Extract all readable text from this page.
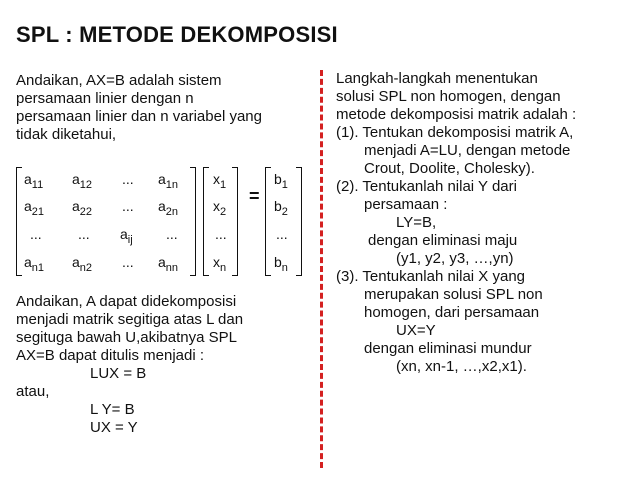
SPL : METODE DEKOMPOSISI
Andaikan, AX=B adalah sistem
persamaan linier dengan n
persamaan linier dan n variabel yang
tidak diketahui,
$a_{11}$ $a_{12}$ ... $a_{1n}$
$a_{21}$ $a_{22}$ ... $a_{2n}$
...	... $a_{ij}$ ...
$a_{n1}$ $a_{n2}$ ... $a_{nn}$
$x_1$
$x_2$
...
$x_n$
=
$b_1$
$b_2$
...
$b_n$
Andaikan, A dapat didekomposisi
menjadi matrik segitiga atas L dan
segituga bawah U,akibatnya SPL
AX=B dapat ditulis menjadi :
LUX = B
atau,
L Y= B
UX = Y
Langkah-langkah menentukan
solusi SPL non homogen, dengan
metode dekomposisi matrik adalah :
(1). Tentukan dekomposisi matrik A,
menjadi A=LU, dengan metode
Crout, Doolite, Cholesky).
(2). Tentukanlah nilai Y dari
persamaan :
LY=B,
dengan eliminasi maju
(y1, y2, y3, …,yn)
(3). Tentukanlah nilai X yang
merupakan solusi SPL non
homogen, dari persamaan
UX=Y
dengan eliminasi mundur
(xn, xn-1, …,x2,x1).
